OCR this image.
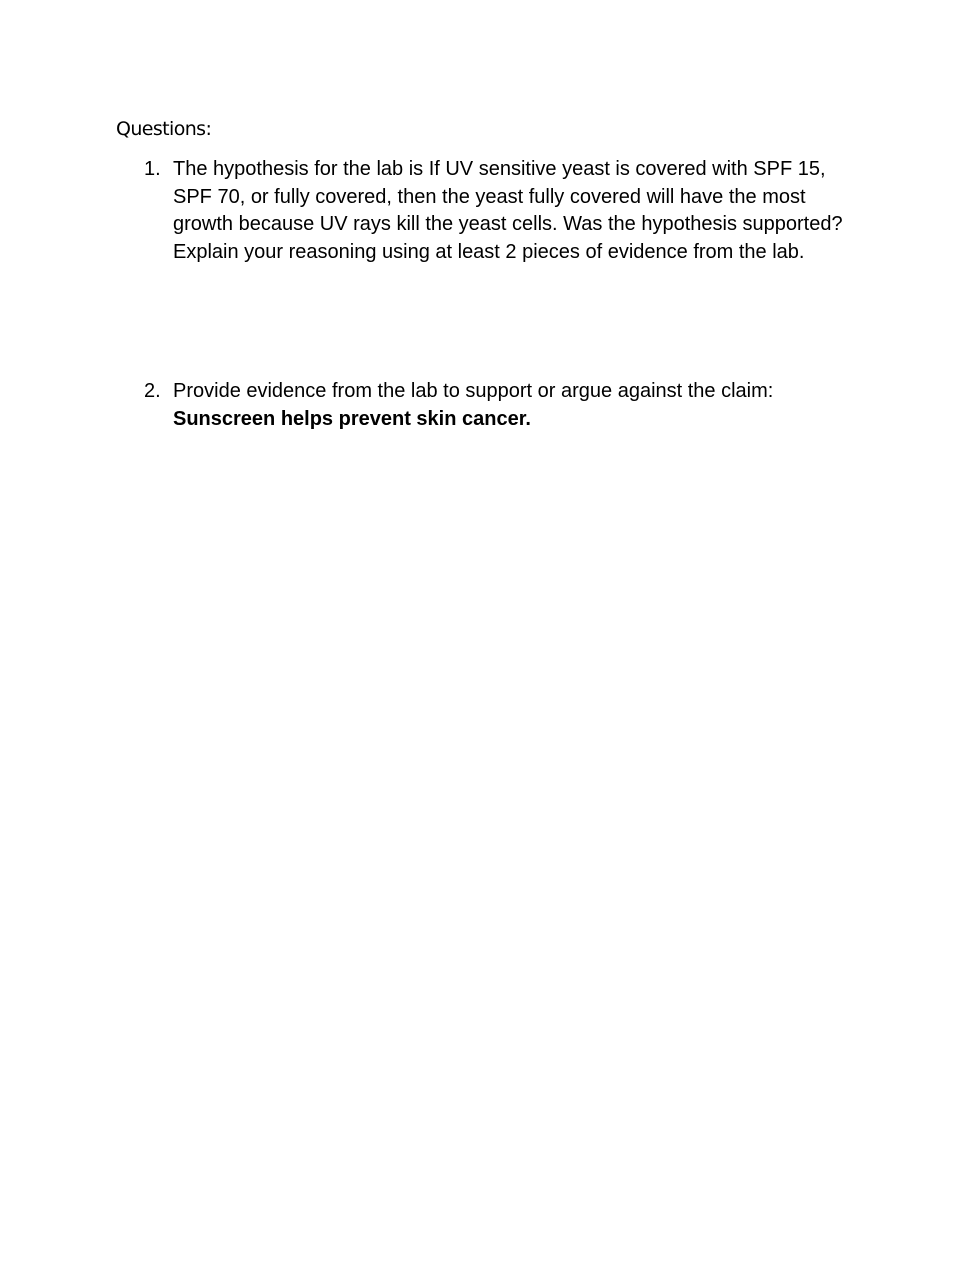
Questions:
1. The hypothesis for the lab is If UV sensitive yeast is covered with SPF 15, SPF 70, or fully covered, then the yeast fully covered will have the most growth because UV rays kill the yeast cells. Was the hypothesis supported? Explain your reasoning using at least 2 pieces of evidence from the lab.
2. Provide evidence from the lab to support or argue against the claim:
Sunscreen helps prevent skin cancer.
